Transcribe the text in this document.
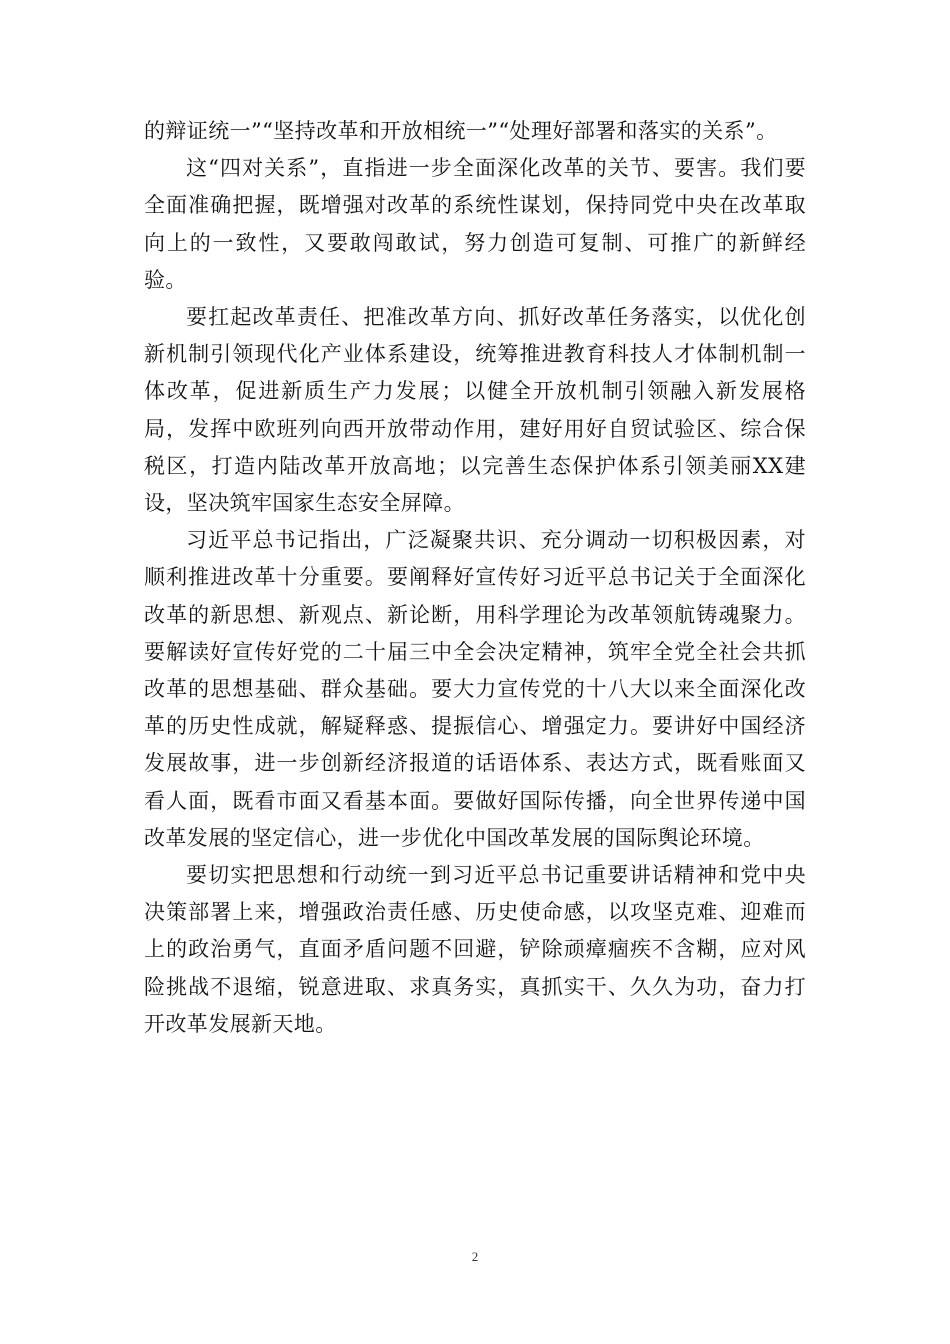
的辩证统一”“坚持改革和开放相统一”“处理好部署和落实的关系”。

这“四对关系”，直指进一步全面深化改革的关节、要害。我们要全面准确把握，既增强对改革的系统性谋划，保持同党中央在改革取向上的一致性，又要敢闯敢试，努力创造可复制、可推广的新鲜经验。

要扛起改革责任、把准改革方向、抓好改革任务落实，以优化创新机制引领现代化产业体系建设，统筹推进教育科技人才体制机制一体改革，促进新质生产力发展；以健全开放机制引领融入新发展格局，发挥中欧班列向西开放带动作用，建好用好自贸试验区、综合保税区，打造内陆改革开放高地；以完善生态保护体系引领美丽XX建设，坚决筑牢国家生态安全屏障。

习近平总书记指出，广泛凝聚共识、充分调动一切积极因素，对顺利推进改革十分重要。要阐释好宣传好习近平总书记关于全面深化改革的新思想、新观点、新论断，用科学理论为改革领航铸魂聚力。要解读好宣传好党的二十届三中全会决定精神，筑牢全党全社会共抓改革的思想基础、群众基础。要大力宣传党的十八大以来全面深化改革的历史性成就，解疑释惑、提振信心、增强定力。要讲好中国经济发展故事，进一步创新经济报道的话语体系、表达方式，既看账面又看人面，既看市面又看基本面。要做好国际传播，向全世界传递中国改革发展的坚定信心，进一步优化中国改革发展的国际舆论环境。

要切实把思想和行动统一到习近平总书记重要讲话精神和党中央决策部署上来，增强政治责任感、历史使命感，以攻坚克难、迎难而上的政治勇气，直面矛盾问题不回避，铲除顽瘴痼疾不含糊，应对风险挑战不退缩，锐意进取、求真务实，真抓实干、久久为功，奋力打开改革发展新天地。

2
